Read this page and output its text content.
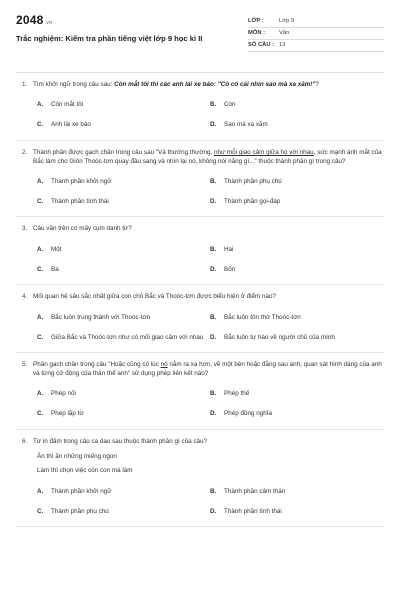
2048.vn
Trắc nghiệm: Kiểm tra phần tiếng việt lớp 9 học kì II
LỚP :	Lớp 9
MÔN :	Văn
SỐ CÂU : 13
1. Tìm khởi ngữ trong câu sau: Còn mắt tôi thì các anh lái xe bảo: "Cô có cái nhìn sao mà xa xăm!"?
A.	Còn mắt tôi	B.	Còn
C.	Anh lái xe bảo	D.	Sao mà xa xăm
2. Thành phần được gạch chân trong câu sau "Và thường thường, như mỗi giao cảm giữa họ với nhau, sức mạnh ánh mắt của Bắc làm cho Giôn Thoóc-tơn quay đầu sang và nhìn lại nó, không nói năng gì..." thuộc thành phần gì trong câu?
A.	Thành phần khởi ngữ	B.	Thành phần phụ chú
C.	Thành phần tình thái	D.	Thành phần gọi-đáp
3. Câu văn trên có mấy cụm danh từ?
A.	Một	B.	Hai
C.	Ba	D.	Bốn
4. Mối quan hệ sâu sắc nhất giữa con chó Bắc và Thoóc-tơn được biểu hiện ở điểm nào?
A.	Bắc luôn trung thành với Thoóc-tơn	B.	Bắc luôn tôn thờ Thoóc-tơn
C.	Giữa Bắc và Thoóc-tơn như có mối giao cảm với nhau	D.	Bắc luôn tự hào về người chủ của mình
5. Phần gạch chân trong câu "Hoặc cũng có lúc nó nằm ra xa hơn, về một bên hoặc đằng sau anh, quan sát hình dáng của anh và từng cử động của thân thể anh" sử dụng phép liên kết nào?
A.	Phép nối	B.	Phép thế
C.	Phép lặp từ	D.	Phép đồng nghĩa
6. Từ in đậm trong câu ca dao sau thuộc thành phần gì của câu?
Ăn thì ăn những miếng ngon
Làm thì chọn việc cỏn con mà làm
A.	Thành phần khởi ngữ	B.	Thành phần cảm thán
C.	Thành phần phụ chú	D.	Thành phần tình thái
